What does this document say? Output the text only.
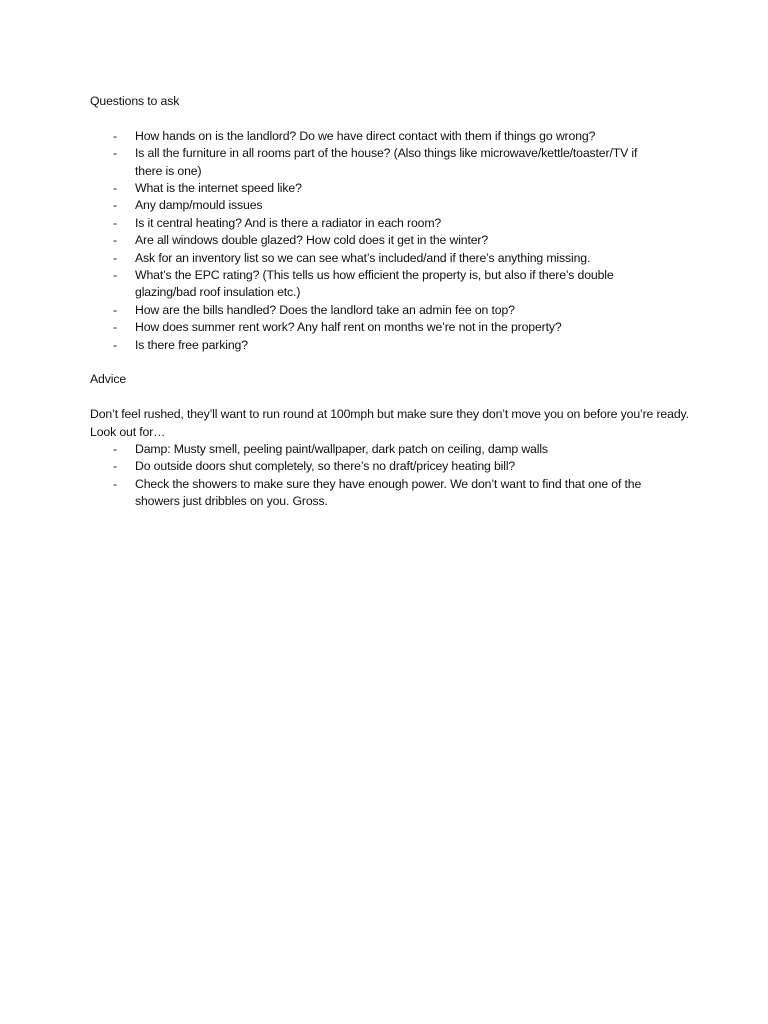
Questions to ask

- How hands on is the landlord? Do we have direct contact with them if things go wrong?
- Is all the furniture in all rooms part of the house? (Also things like microwave/kettle/toaster/TV if there is one)
- What is the internet speed like?
- Any damp/mould issues
- Is it central heating? And is there a radiator in each room?
- Are all windows double glazed? How cold does it get in the winter?
- Ask for an inventory list so we can see what’s included/and if there’s anything missing.
- What’s the EPC rating? (This tells us how efficient the property is, but also if there’s double glazing/bad roof insulation etc.)
- How are the bills handled? Does the landlord take an admin fee on top?
- How does summer rent work? Any half rent on months we’re not in the property?
- Is there free parking?

Advice

Don’t feel rushed, they’ll want to run round at 100mph but make sure they don’t move you on before you’re ready.

Look out for…

- Damp: Musty smell, peeling paint/wallpaper, dark patch on ceiling, damp walls
- Do outside doors shut completely, so there’s no draft/pricey heating bill?
- Check the showers to make sure they have enough power. We don’t want to find that one of the showers just dribbles on you. Gross.
